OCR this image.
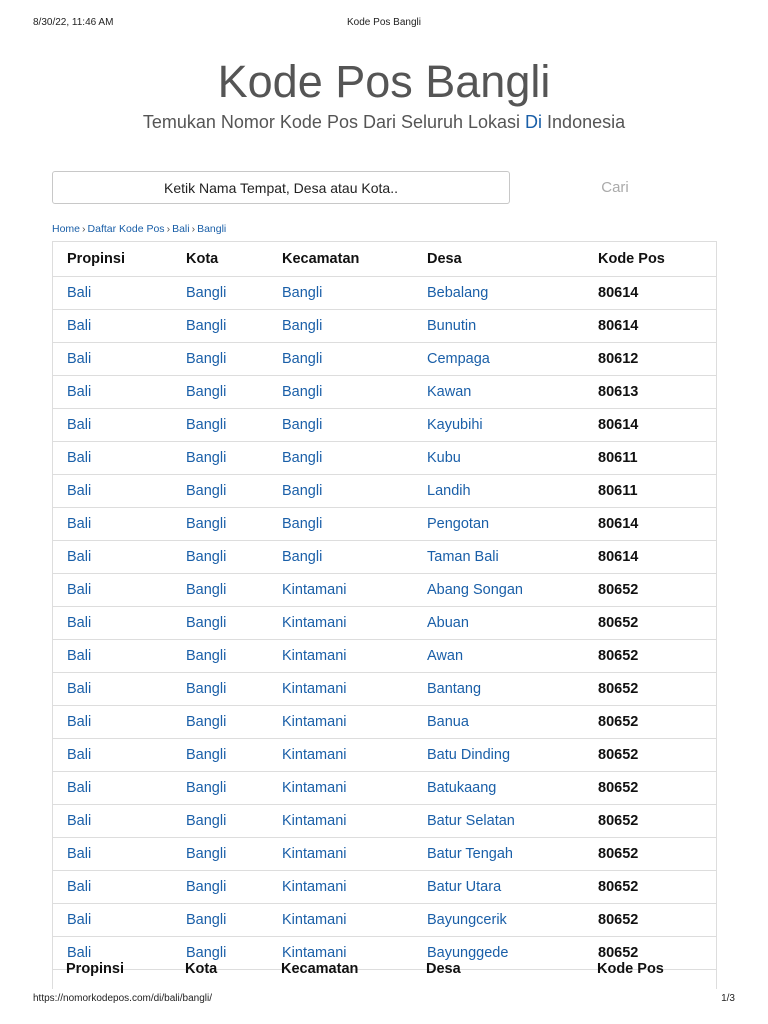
8/30/22, 11:46 AM	Kode Pos Bangli
Kode Pos Bangli
Temukan Nomor Kode Pos Dari Seluruh Lokasi Di Indonesia
Ketik Nama Tempat, Desa atau Kota..
Cari
Home › Daftar Kode Pos › Bali › Bangli
Propinsi	Kota	Kecamatan	Desa	Kode Pos
Bali	Bangli	Bangli	Bebalang	80614
Bali	Bangli	Bangli	Bunutin	80614
Bali	Bangli	Bangli	Cempaga	80612
Bali	Bangli	Bangli	Kawan	80613
Bali	Bangli	Bangli	Kayubihi	80614
Bali	Bangli	Bangli	Kubu	80611
Bali	Bangli	Bangli	Landih	80611
Bali	Bangli	Bangli	Pengotan	80614
Bali	Bangli	Bangli	Taman Bali	80614
Bali	Bangli	Kintamani	Abang Songan	80652
Bali	Bangli	Kintamani	Abuan	80652
Bali	Bangli	Kintamani	Awan	80652
Bali	Bangli	Kintamani	Bantang	80652
Bali	Bangli	Kintamani	Banua	80652
Bali	Bangli	Kintamani	Batu Dinding	80652
Bali	Bangli	Kintamani	Batukaang	80652
Bali	Bangli	Kintamani	Batur Selatan	80652
Bali	Bangli	Kintamani	Batur Tengah	80652
Bali	Bangli	Kintamani	Batur Utara	80652
Bali	Bangli	Kintamani	Bayungcerik	80652
Bali	Bangli	Kintamani	Bayunggede	80652
Propinsi	Kota	Kecamatan	Desa	Kode Pos
https://nomorkodepos.com/di/bali/bangli/	1/3
